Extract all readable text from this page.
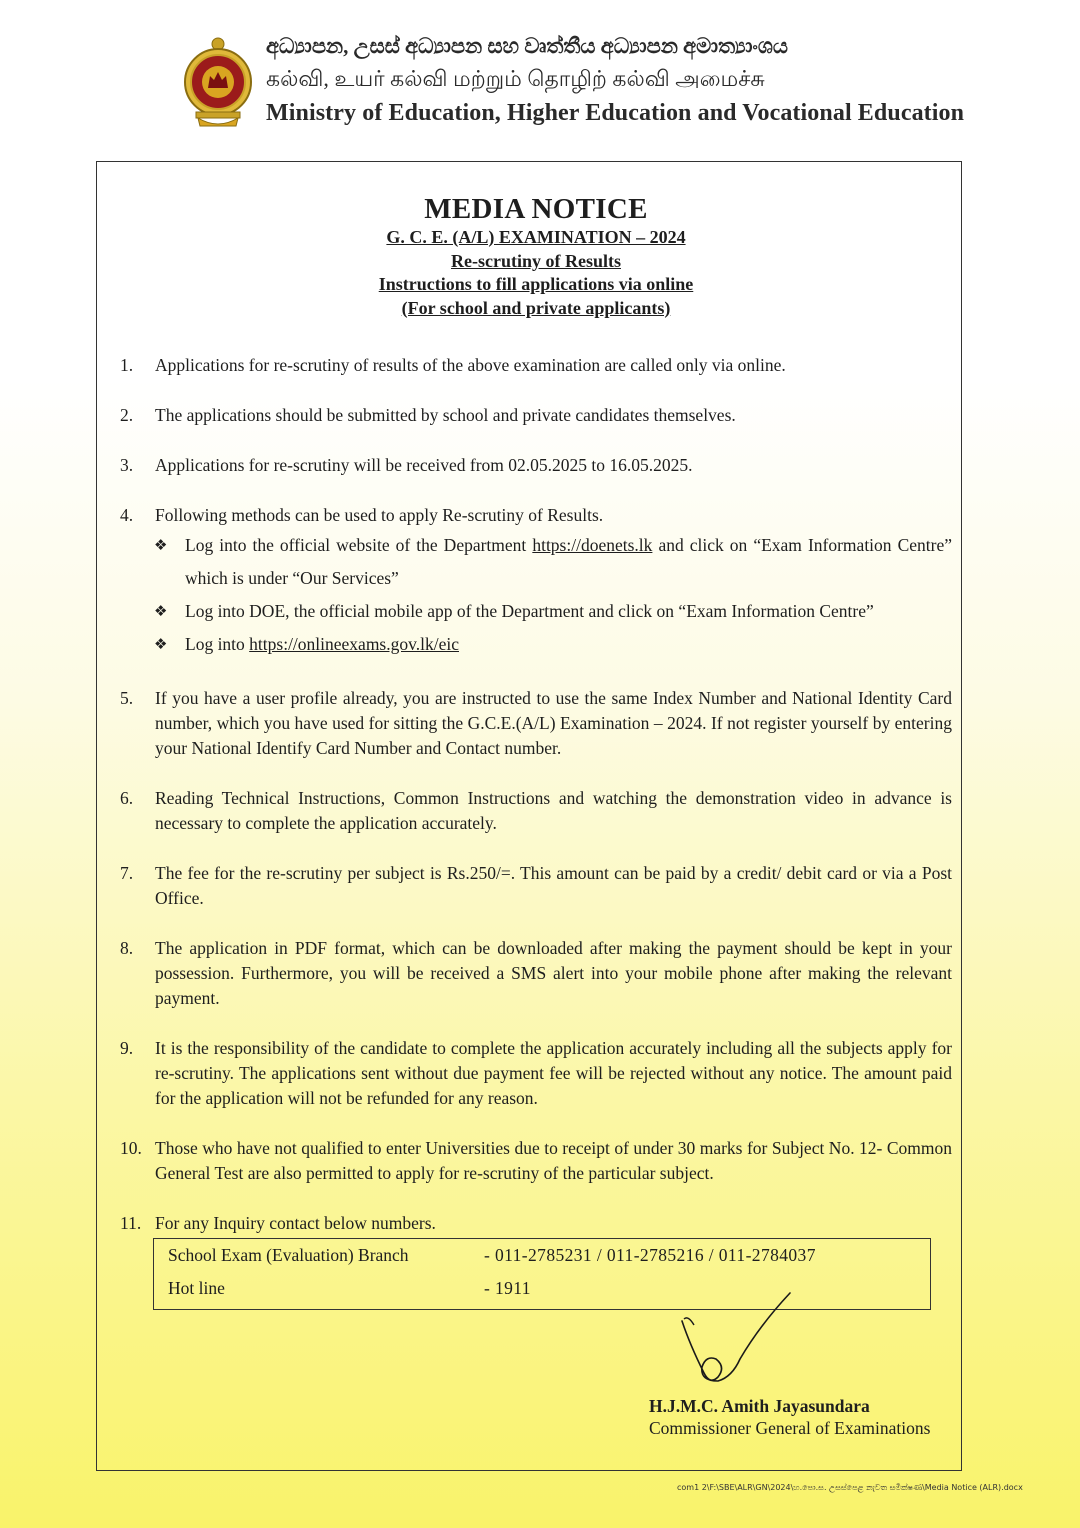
අධ්‍යාපන, උසස් අධ්‍යාපන සහ වෘත්තීය අධ්‍යාපන අමාත්‍යාංශය
கல்வி, உயர் கல்வி மற்றும் தொழிற் கல்வி அமைச்சு
Ministry of Education, Higher Education and Vocational Education
MEDIA NOTICE
G. C. E. (A/L) EXAMINATION – 2024
Re-scrutiny of Results
Instructions to fill applications via online
(For school and private applicants)
1.	Applications for re-scrutiny of results of the above examination are called only via online.
2.	The applications should be submitted by school and private candidates themselves.
3.	Applications for re-scrutiny will be received from 02.05.2025 to 16.05.2025.
4.	Following methods can be used to apply Re-scrutiny of Results.
❖ Log into the official website of the Department https://doenets.lk and click on “Exam Information Centre” which is under “Our Services”
❖ Log into DOE, the official mobile app of the Department and click on “Exam Information Centre”
❖ Log into https://onlineexams.gov.lk/eic
5.	If you have a user profile already, you are instructed to use the same Index Number and National Identity Card number, which you have used for sitting the G.C.E.(A/L) Examination – 2024. If not register yourself by entering your National Identify Card Number and Contact number.
6.	Reading Technical Instructions, Common Instructions and watching the demonstration video in advance is necessary to complete the application accurately.
7.	The fee for the re-scrutiny per subject is Rs.250/=. This amount can be paid by a credit/ debit card or via a Post Office.
8.	The application in PDF format, which can be downloaded after making the payment should be kept in your possession. Furthermore, you will be received a SMS alert into your mobile phone after making the relevant payment.
9.	It is the responsibility of the candidate to complete the application accurately including all the subjects apply for re-scrutiny. The applications sent without due payment fee will be rejected without any notice. The amount paid for the application will not be refunded for any reason.
10. Those who have not qualified to enter Universities due to receipt of under 30 marks for Subject No. 12- Common General Test are also permitted to apply for re-scrutiny of the particular subject.
11. For any Inquiry contact below numbers.
School Exam (Evaluation) Branch	- 011-2785231 / 011-2785216 / 011-2784037
Hot line	- 1911
H.J.M.C. Amith Jayasundara
Commissioner General of Examinations
com1 2\F:\SBE\ALR\GN\2024\හ.පො.ස. උසස්පෙළ නැවත සමීක්ෂණ\Media Notice (ALR).docx
